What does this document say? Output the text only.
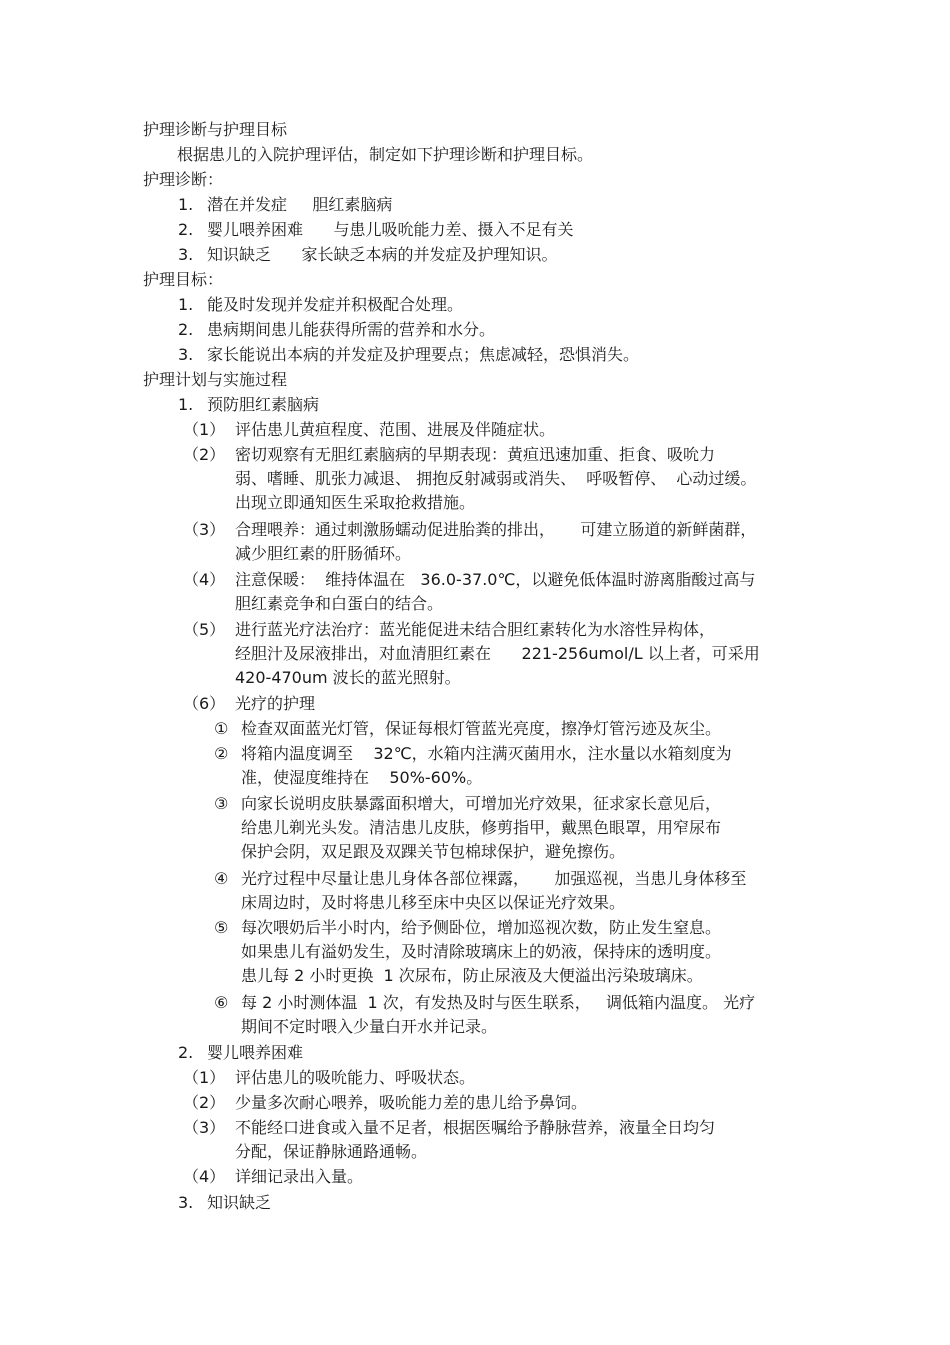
护理诊断与护理目标
根据患儿的入院护理评估，制定如下护理诊断和护理目标。
护理诊断：
1. 潜在并发症     胆红素脑病
2. 婴儿喂养困难      与患儿吸吮能力差、摄入不足有关
3. 知识缺乏      家长缺乏本病的并发症及护理知识。
护理目标：
1. 能及时发现并发症并积极配合处理。
2. 患病期间患儿能获得所需的营养和水分。
3. 家长能说出本病的并发症及护理要点；焦虑减轻，恐惧消失。
护理计划与实施过程
1. 预防胆红素脑病
（1） 评估患儿黄疸程度、范围、进展及伴随症状。
（2） 密切观察有无胆红素脑病的早期表现：黄疸迅速加重、拒食、吸吮力
弱、嗜睡、肌张力减退、 拥抱反射减弱或消失、  呼吸暂停、  心动过缓。
出现立即通知医生采取抢救措施。
（3） 合理喂养：通过刺激肠蠕动促进胎粪的排出，     可建立肠道的新鲜菌群，
减少胆红素的肝肠循环。
（4） 注意保暖：  维持体温在   36.0-37.0℃，以避免低体温时游离脂酸过高与
胆红素竞争和白蛋白的结合。
（5） 进行蓝光疗法治疗：蓝光能促进未结合胆红素转化为水溶性异构体，
经胆汁及尿液排出，对血清胆红素在      221-256umol/L 以上者，可采用
420-470um 波长的蓝光照射。
（6） 光疗的护理
① 检查双面蓝光灯管，保证每根灯管蓝光亮度，擦净灯管污迹及灰尘。
② 将箱内温度调至    32℃，水箱内注满灭菌用水，注水量以水箱刻度为
准，使湿度维持在    50%-60%。
③ 向家长说明皮肤暴露面积增大，可增加光疗效果，征求家长意见后，
给患儿剃光头发。清洁患儿皮肤，修剪指甲，戴黑色眼罩，用窄尿布
保护会阴，双足跟及双踝关节包棉球保护，避免擦伤。
④ 光疗过程中尽量让患儿身体各部位裸露，     加强巡视，当患儿身体移至
床周边时，及时将患儿移至床中央区以保证光疗效果。
⑤ 每次喂奶后半小时内，给予侧卧位，增加巡视次数，防止发生窒息。
如果患儿有溢奶发生，及时清除玻璃床上的奶液，保持床的透明度。
患儿每 2 小时更换  1 次尿布，防止尿液及大便溢出污染玻璃床。
⑥ 每 2 小时测体温  1 次，有发热及时与医生联系，   调低箱内温度。 光疗
期间不定时喂入少量白开水并记录。
2. 婴儿喂养困难
（1） 评估患儿的吸吮能力、呼吸状态。
（2） 少量多次耐心喂养，吸吮能力差的患儿给予鼻饲。
（3） 不能经口进食或入量不足者，根据医嘱给予静脉营养，液量全日均匀
分配，保证静脉通路通畅。
（4） 详细记录出入量。
3. 知识缺乏
